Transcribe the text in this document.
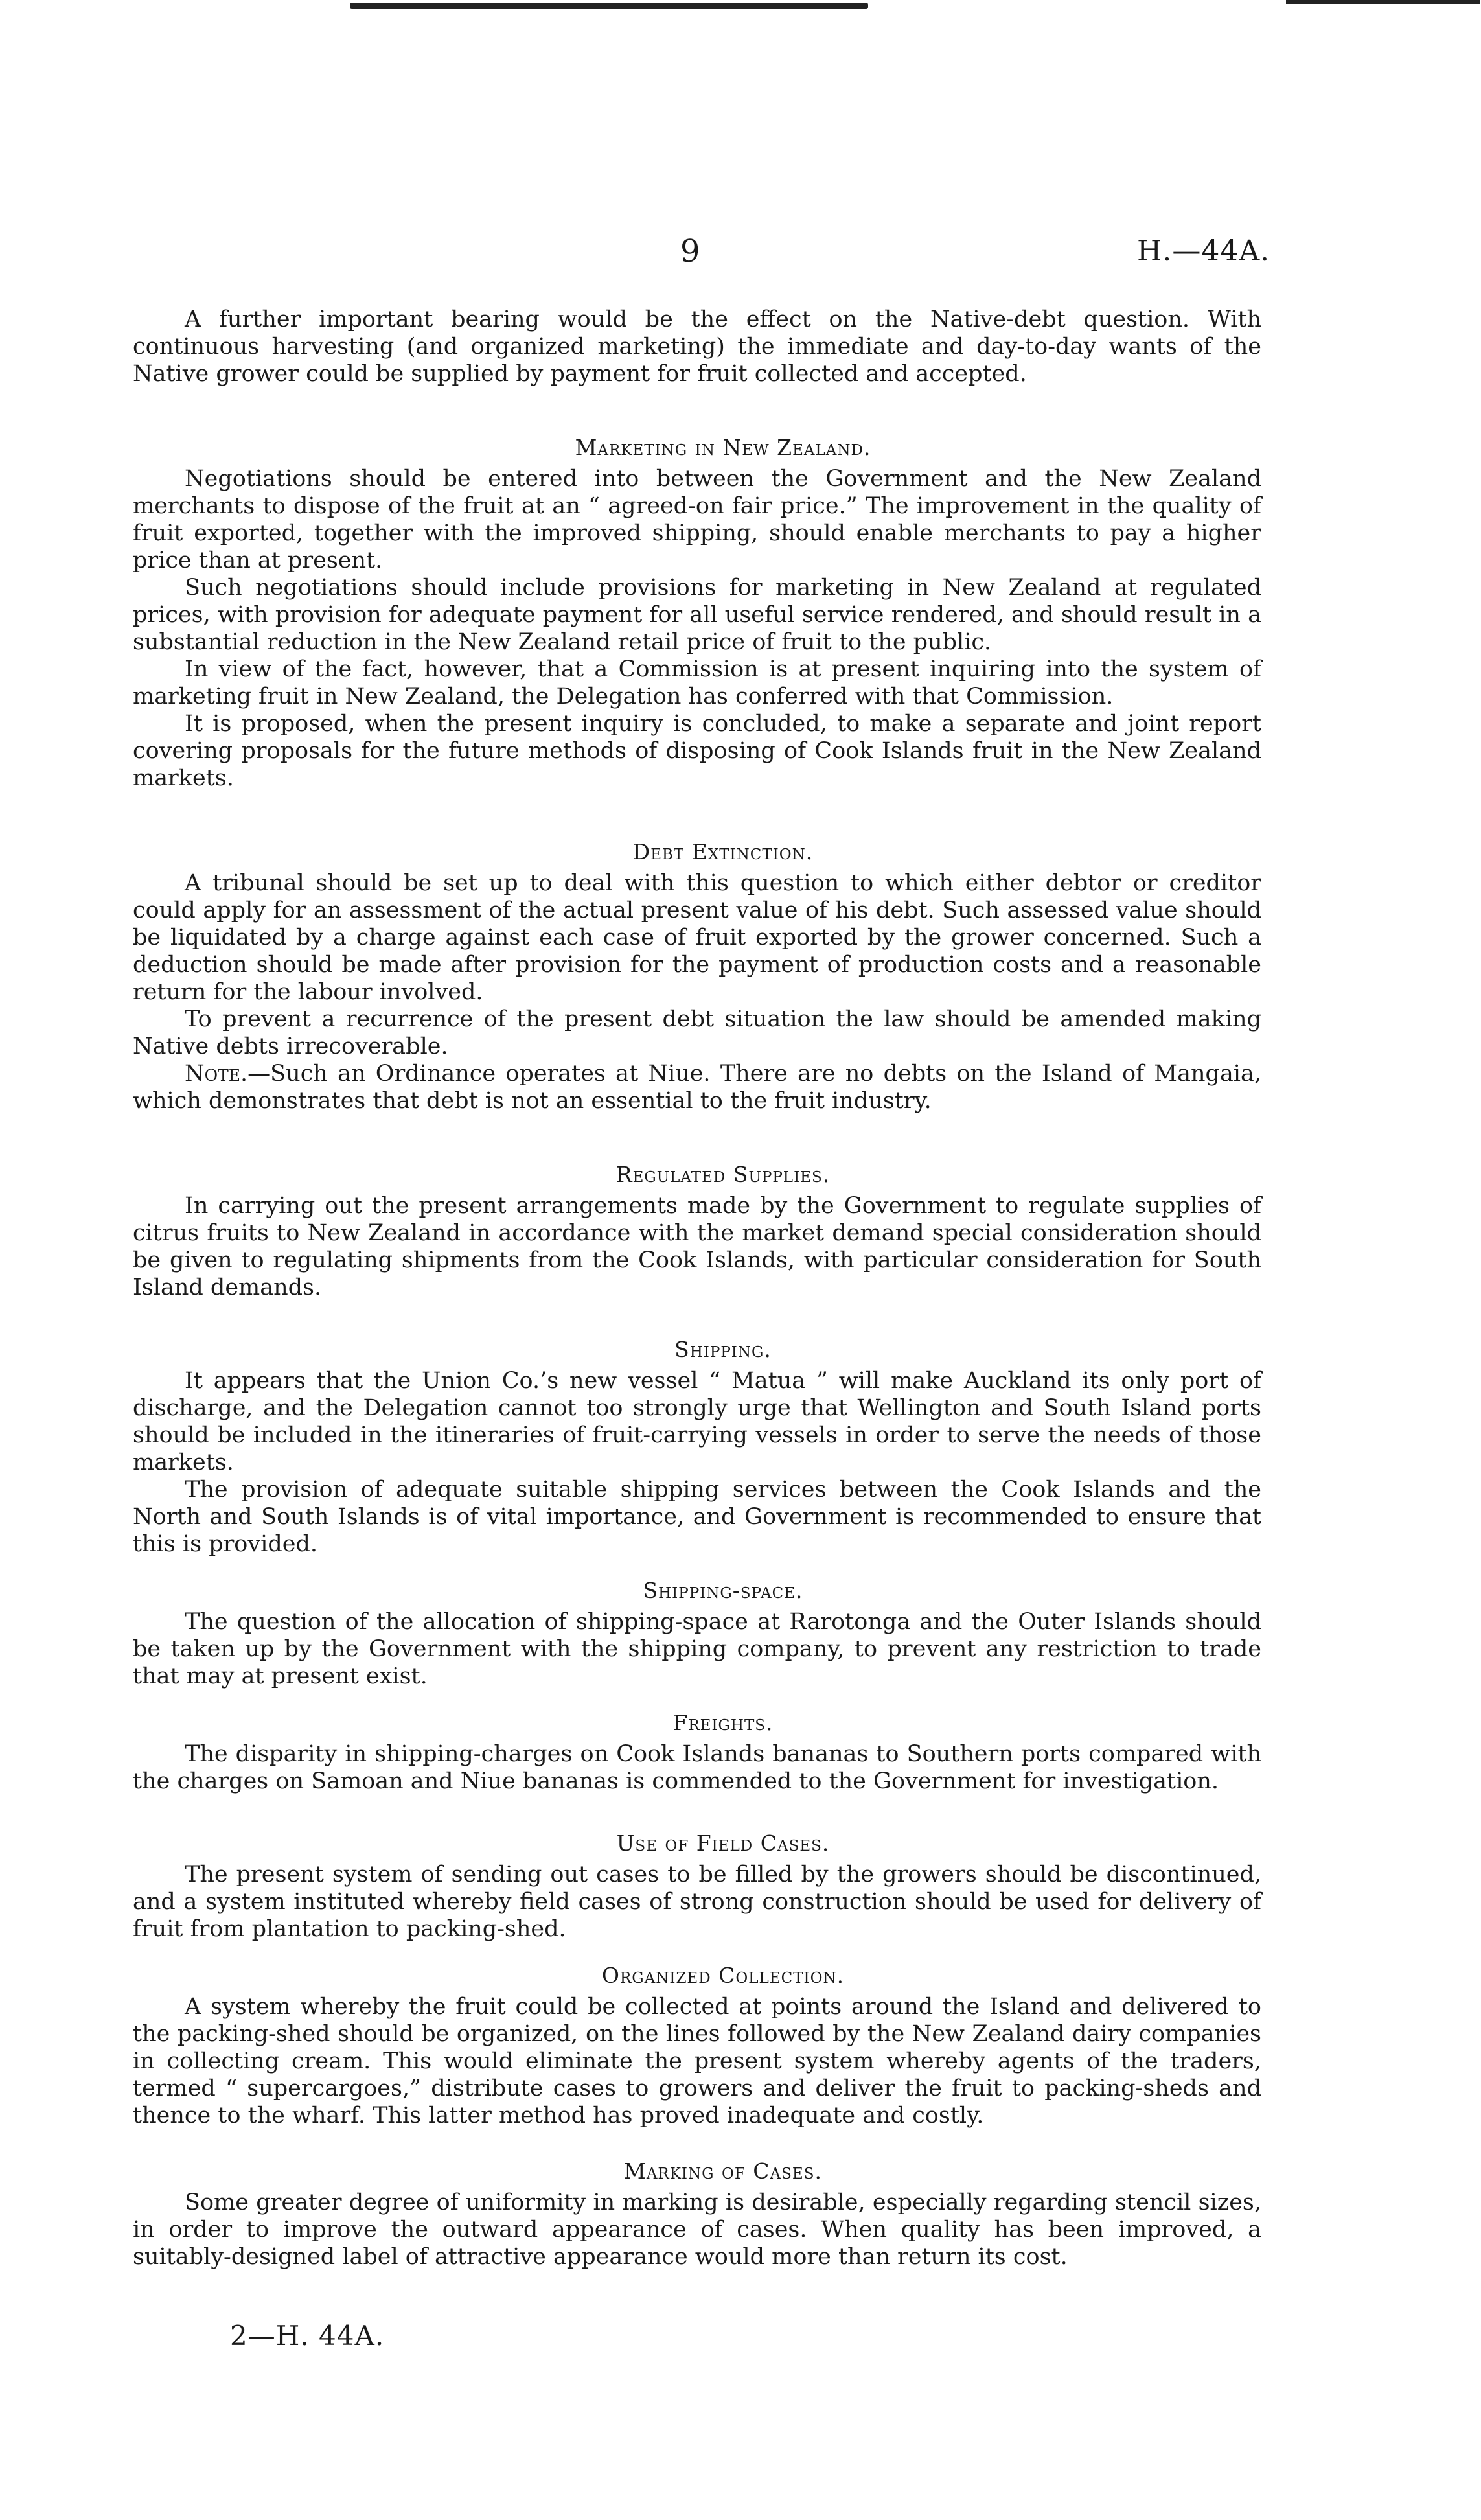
9	H.—44A.

A further important bearing would be the effect on the Native-debt question. With continuous harvesting (and organized marketing) the immediate and day-to-day wants of the Native grower could be supplied by payment for fruit collected and accepted.

Marketing in New Zealand.

Negotiations should be entered into between the Government and the New Zealand merchants to dispose of the fruit at an “ agreed-on fair price.” The improvement in the quality of fruit exported, together with the improved shipping, should enable merchants to pay a higher price than at present.

Such negotiations should include provisions for marketing in New Zealand at regulated prices, with provision for adequate payment for all useful service rendered, and should result in a substantial reduction in the New Zealand retail price of fruit to the public.

In view of the fact, however, that a Commission is at present inquiring into the system of marketing fruit in New Zealand, the Delegation has conferred with that Commission.

It is proposed, when the present inquiry is concluded, to make a separate and joint report covering proposals for the future methods of disposing of Cook Islands fruit in the New Zealand markets.

Debt Extinction.

A tribunal should be set up to deal with this question to which either debtor or creditor could apply for an assessment of the actual present value of his debt. Such assessed value should be liquidated by a charge against each case of fruit exported by the grower concerned. Such a deduction should be made after provision for the payment of production costs and a reasonable return for the labour involved.

To prevent a recurrence of the present debt situation the law should be amended making Native debts irrecoverable.

Note.—Such an Ordinance operates at Niue. There are no debts on the Island of Mangaia, which demonstrates that debt is not an essential to the fruit industry.

Regulated Supplies.

In carrying out the present arrangements made by the Government to regulate supplies of citrus fruits to New Zealand in accordance with the market demand special consideration should be given to regulating shipments from the Cook Islands, with particular consideration for South Island demands.

Shipping.

It appears that the Union Co.’s new vessel “ Matua ” will make Auckland its only port of discharge, and the Delegation cannot too strongly urge that Wellington and South Island ports should be included in the itineraries of fruit-carrying vessels in order to serve the needs of those markets.

The provision of adequate suitable shipping services between the Cook Islands and the North and South Islands is of vital importance, and Government is recommended to ensure that this is provided.

Shipping-space.

The question of the allocation of shipping-space at Rarotonga and the Outer Islands should be taken up by the Government with the shipping company, to prevent any restriction to trade that may at present exist.

Freights.

The disparity in shipping-charges on Cook Islands bananas to Southern ports compared with the charges on Samoan and Niue bananas is commended to the Government for investigation.

Use of Field Cases.

The present system of sending out cases to be filled by the growers should be discontinued, and a system instituted whereby field cases of strong construction should be used for delivery of fruit from plantation to packing-shed.

Organized Collection.

A system whereby the fruit could be collected at points around the Island and delivered to the packing-shed should be organized, on the lines followed by the New Zealand dairy companies in collecting cream. This would eliminate the present system whereby agents of the traders, termed “ supercargoes,” distribute cases to growers and deliver the fruit to packing-sheds and thence to the wharf. This latter method has proved inadequate and costly.

Marking of Cases.

Some greater degree of uniformity in marking is desirable, especially regarding stencil sizes, in order to improve the outward appearance of cases. When quality has been improved, a suitably-designed label of attractive appearance would more than return its cost.

2—H. 44A.
